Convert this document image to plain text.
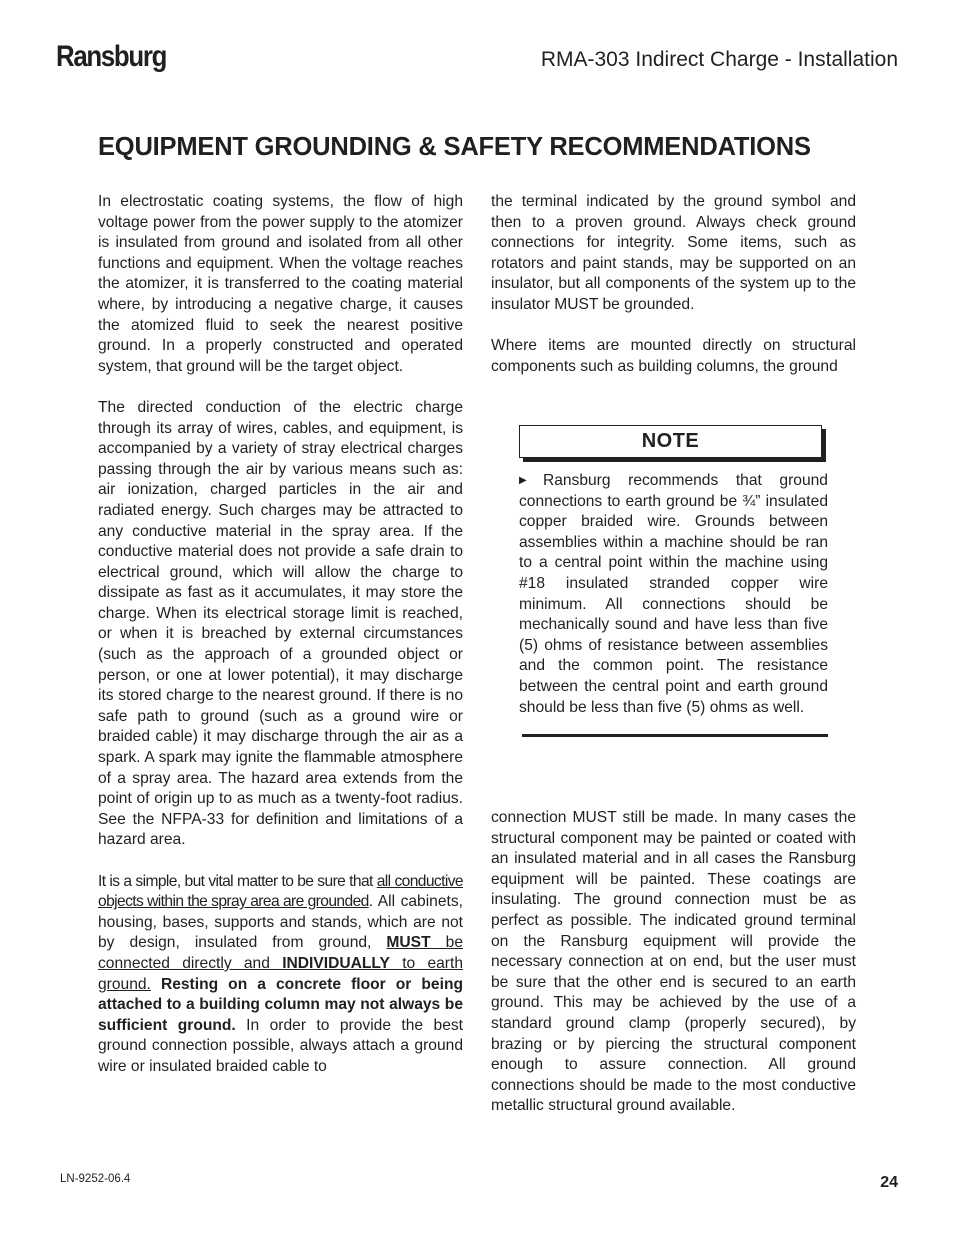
Ransburg	RMA-303 Indirect Charge - Installation
EQUIPMENT GROUNDING & SAFETY RECOMMENDATIONS

In electrostatic coating systems, the flow of high voltage power from the power supply to the atomizer is insulated from ground and isolated from all other functions and equipment. When the voltage reaches the atomizer, it is transferred to the coating material where, by introducing a negative charge, it causes the atomized fluid to seek the nearest positive ground. In a properly constructed and operated system, that ground will be the target object.

The directed conduction of the electric charge through its array of wires, cables, and equipment, is accompanied by a variety of stray electrical charges passing through the air by various means such as: air ionization, charged particles in the air and radiated energy. Such charges may be attracted to any conductive material in the spray area. If the conductive material does not provide a safe drain to electrical ground, which will allow the charge to dissipate as fast as it accumulates, it may store the charge. When its electrical storage limit is reached, or when it is breached by external circumstances (such as the approach of a grounded object or person, or one at lower potential), it may discharge its stored charge to the nearest ground. If there is no safe path to ground (such as a ground wire or braided cable) it may discharge through the air as a spark. A spark may ignite the flammable atmosphere of a spray area. The hazard area extends from the point of origin up to as much as a twenty-foot radius. See the NFPA-33 for definition and limitations of a hazard area.

It is a simple, but vital matter to be sure that all conductive objects within the spray area are grounded. All cabinets, housing, bases, supports and stands, which are not by design, insulated from ground, MUST be connected directly and INDIVIDUALLY to earth ground. Resting on a concrete floor or being attached to a building column may not always be sufficient ground. In order to provide the best ground connection possible, always attach a ground wire or insulated braided cable to

the terminal indicated by the ground symbol and then to a proven ground. Always check ground connections for integrity. Some items, such as rotators and paint stands, may be supported on an insulator, but all components of the system up to the insulator MUST be grounded.

Where items are mounted directly on structural components such as building columns, the ground

NOTE
▶ Ransburg recommends that ground connections to earth ground be ¾” insulated copper braided wire. Grounds between assemblies within a machine should be ran to a central point within the machine using #18 insulated stranded copper wire minimum. All connections should be mechanically sound and have less than five (5) ohms of resistance between assemblies and the common point. The resistance between the central point and earth ground should be less than five (5) ohms as well.

connection MUST still be made. In many cases the structural component may be painted or coated with an insulated material and in all cases the Ransburg equipment will be painted. These coatings are insulating. The ground connection must be as perfect as possible. The indicated ground terminal on the Ransburg equipment will provide the necessary connection at on end, but the user must be sure that the other end is secured to an earth ground. This may be achieved by the use of a standard ground clamp (properly secured), by brazing or by piercing the structural component enough to assure connection. All ground connections should be made to the most conductive metallic structural ground available.

LN-9252-06.4	24
